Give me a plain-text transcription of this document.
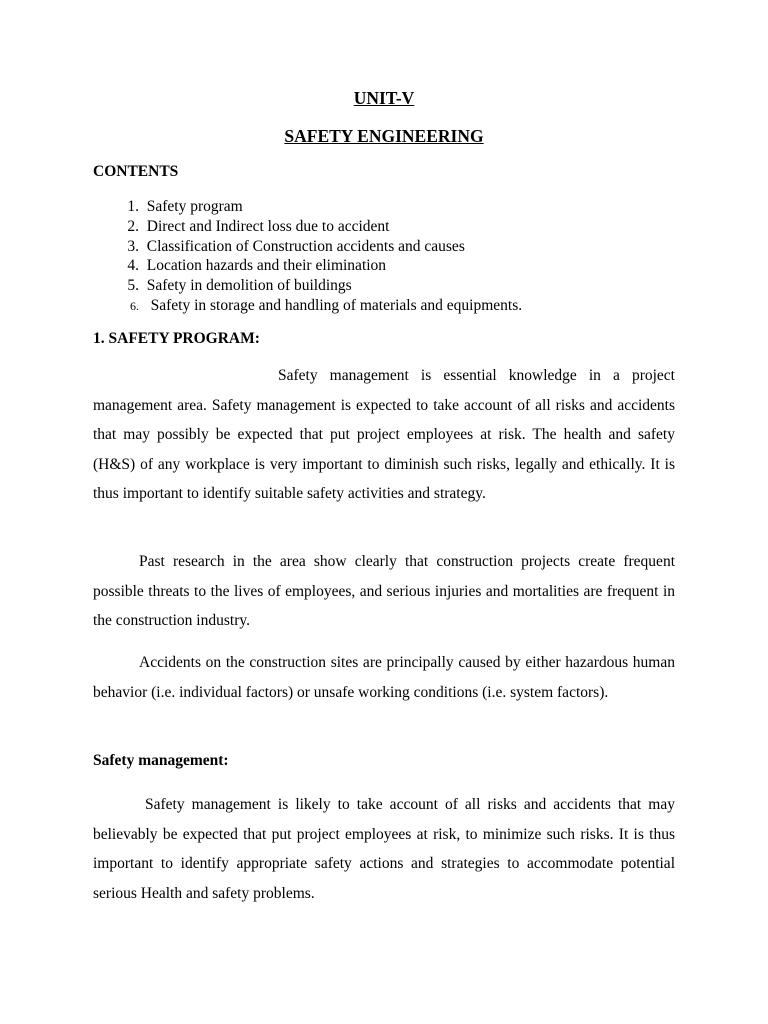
UNIT-V
SAFETY ENGINEERING
CONTENTS
1. Safety program
2. Direct and Indirect loss due to accident
3. Classification of Construction accidents and causes
4. Location hazards and their elimination
5. Safety in demolition of buildings
6. Safety in storage and handling of materials and equipments.
1. SAFETY PROGRAM:

Safety management is essential knowledge in a project management area. Safety management is expected to take account of all risks and accidents that may possibly be expected that put project employees at risk. The health and safety (H&S) of any workplace is very important to diminish such risks, legally and ethically. It is thus important to identify suitable safety activities and strategy.

Past research in the area show clearly that construction projects create frequent possible threats to the lives of employees, and serious injuries and mortalities are frequent in the construction industry.

Accidents on the construction sites are principally caused by either hazardous human behavior (i.e. individual factors) or unsafe working conditions (i.e. system factors).

Safety management:

Safety management is likely to take account of all risks and accidents that may believably be expected that put project employees at risk, to minimize such risks. It is thus important to identify appropriate safety actions and strategies to accommodate potential serious Health and safety problems.
